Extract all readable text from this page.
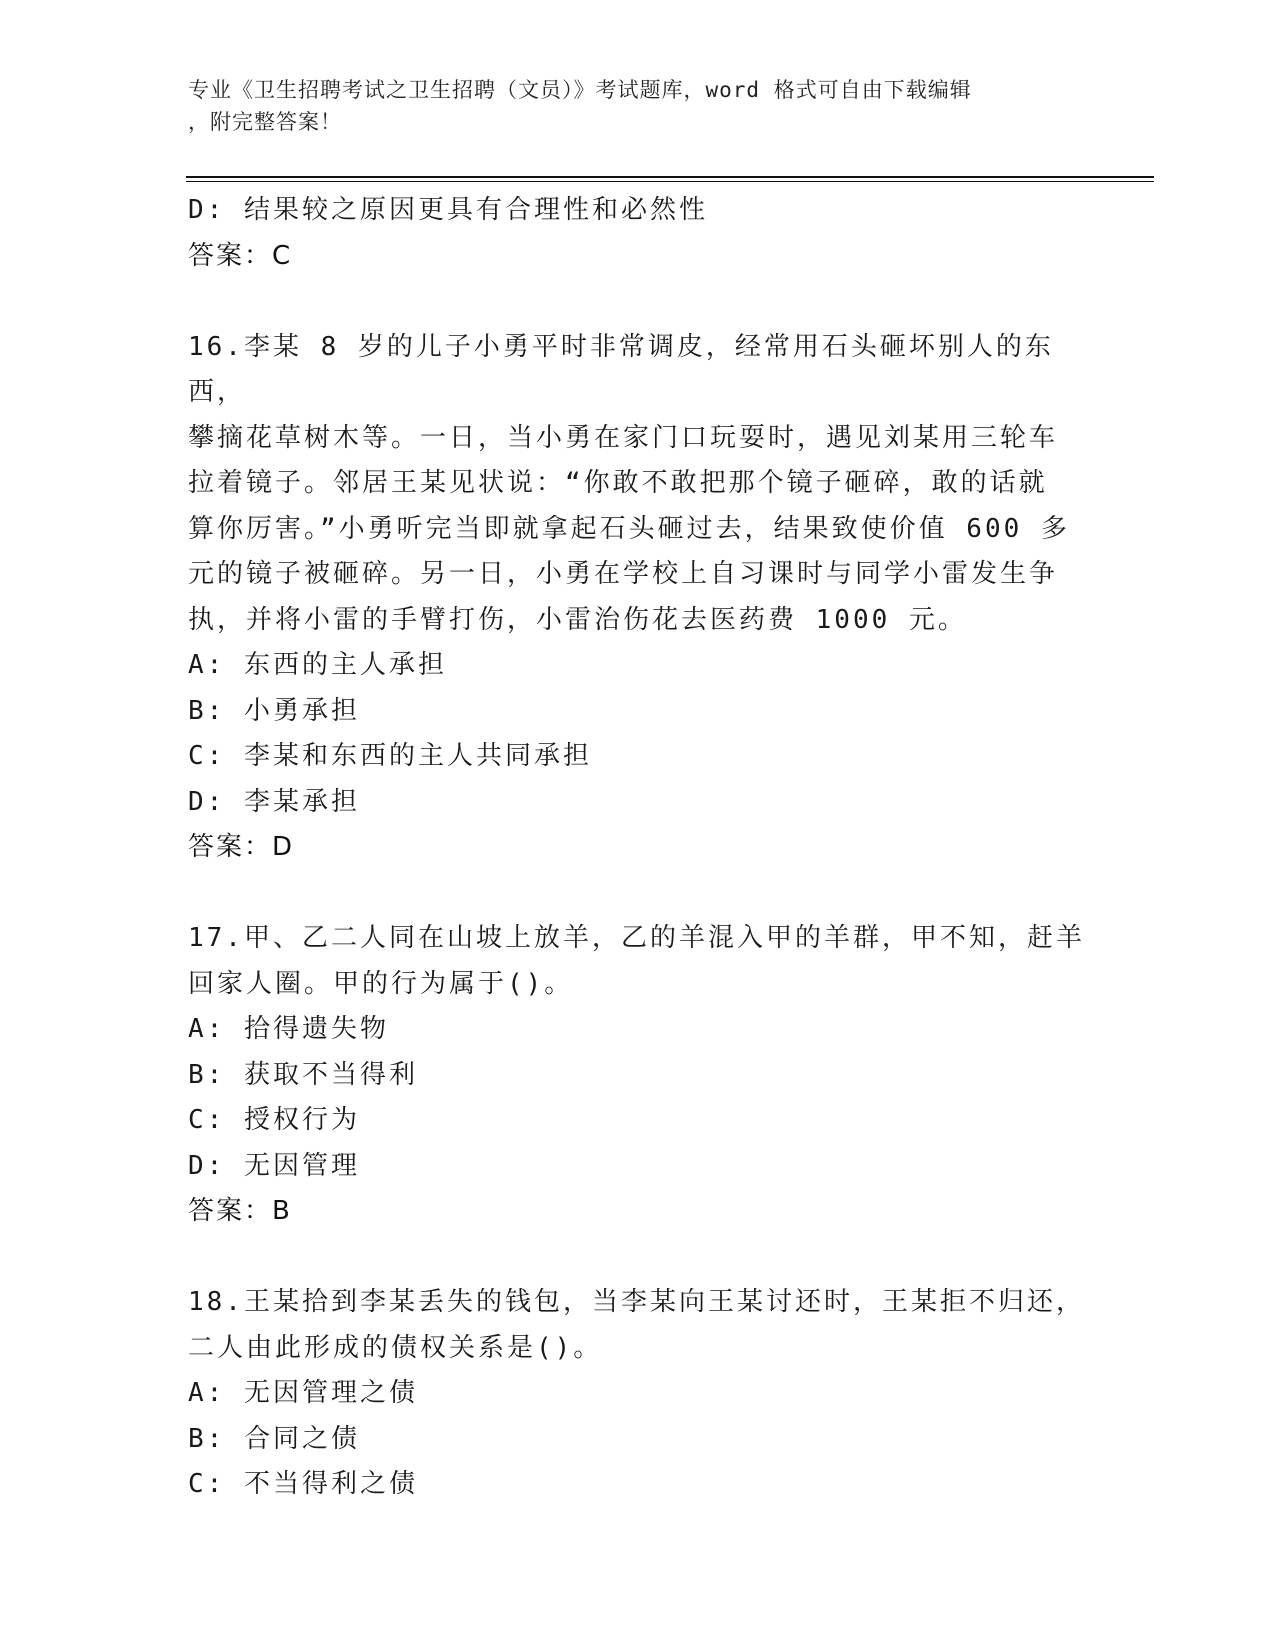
专业《卫生招聘考试之卫生招聘（文员）》考试题库，word 格式可自由下载编辑
，附完整答案！
D: 结果较之原因更具有合理性和必然性
答案：C
16.李某 8 岁的儿子小勇平时非常调皮，经常用石头砸坏别人的东西，
攀摘花草树木等。一日，当小勇在家门口玩耍时，遇见刘某用三轮车
拉着镜子。邻居王某见状说：“你敢不敢把那个镜子砸碎，敢的话就
算你厉害。”小勇听完当即就拿起石头砸过去，结果致使价值 600 多
元的镜子被砸碎。另一日，小勇在学校上自习课时与同学小雷发生争
执，并将小雷的手臂打伤，小雷治伤花去医药费 1000 元。
A: 东西的主人承担
B: 小勇承担
C: 李某和东西的主人共同承担
D: 李某承担
答案：D
17.甲、乙二人同在山坡上放羊，乙的羊混入甲的羊群，甲不知，赶羊
回家人圈。甲的行为属于()。
A: 拾得遗失物
B: 获取不当得利
C: 授权行为
D: 无因管理
答案：B
18.王某拾到李某丢失的钱包，当李某向王某讨还时，王某拒不归还，
二人由此形成的债权关系是()。
A: 无因管理之债
B: 合同之债
C: 不当得利之债
